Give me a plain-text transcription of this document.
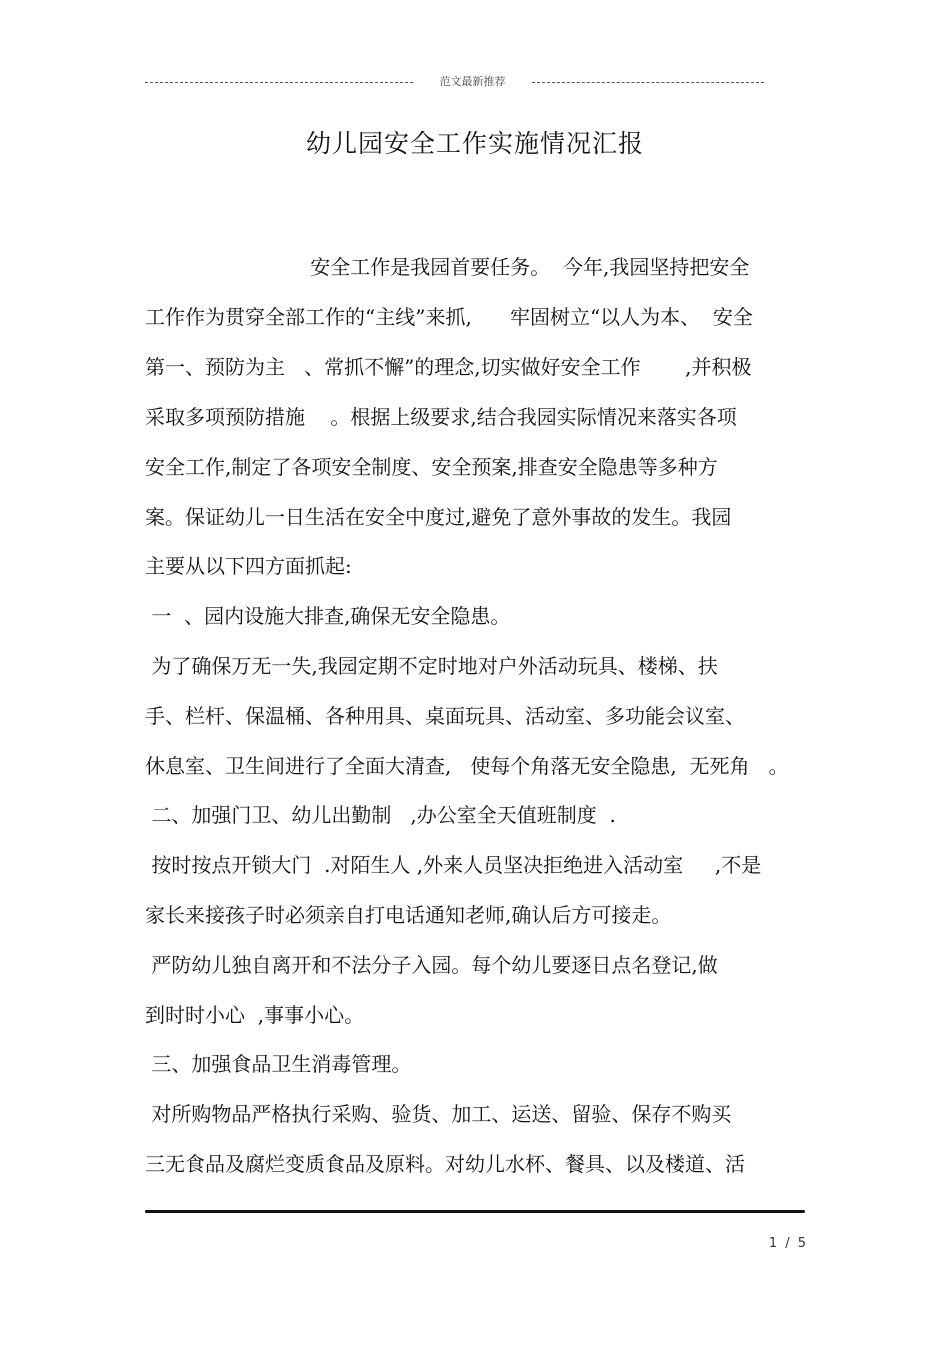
范文最新推荐
幼儿园安全工作实施情况汇报
安全工作是我园首要任务。  今年,我园坚持把安全
工作作为贯穿全部工作的“主线”来抓,      牢固树立“以人为本、  安全
第一、预防为主   、常抓不懈”的理念,切实做好安全工作       ,并积极
采取多项预防措施    。根据上级要求,结合我园实际情况来落实各项
安全工作,制定了各项安全制度、安全预案,排查安全隐患等多种方
案。保证幼儿一日生活在安全中度过,避免了意外事故的发生。我园
主要从以下四方面抓起:
一  、园内设施大排查,确保无安全隐患。
为了确保万无一失,我园定期不定时地对户外活动玩具、楼梯、扶
手、栏杆、保温桶、各种用具、桌面玩具、活动室、多功能会议室、
休息室、卫生间进行了全面大清查,   使每个角落无安全隐患,  无死角   。
二、加强门卫、幼儿出勤制   ,办公室全天值班制度  .
按时按点开锁大门  .对陌生人 ,外来人员坚决拒绝进入活动室     ,不是
家长来接孩子时必须亲自打电话通知老师,确认后方可接走。
严防幼儿独自离开和不法分子入园。每个幼儿要逐日点名登记,做
到时时小心  ,事事小心。
三、加强食品卫生消毒管理。
对所购物品严格执行采购、验货、加工、运送、留验、保存不购买
三无食品及腐烂变质食品及原料。对幼儿水杯、餐具、以及楼道、活
1 / 5
